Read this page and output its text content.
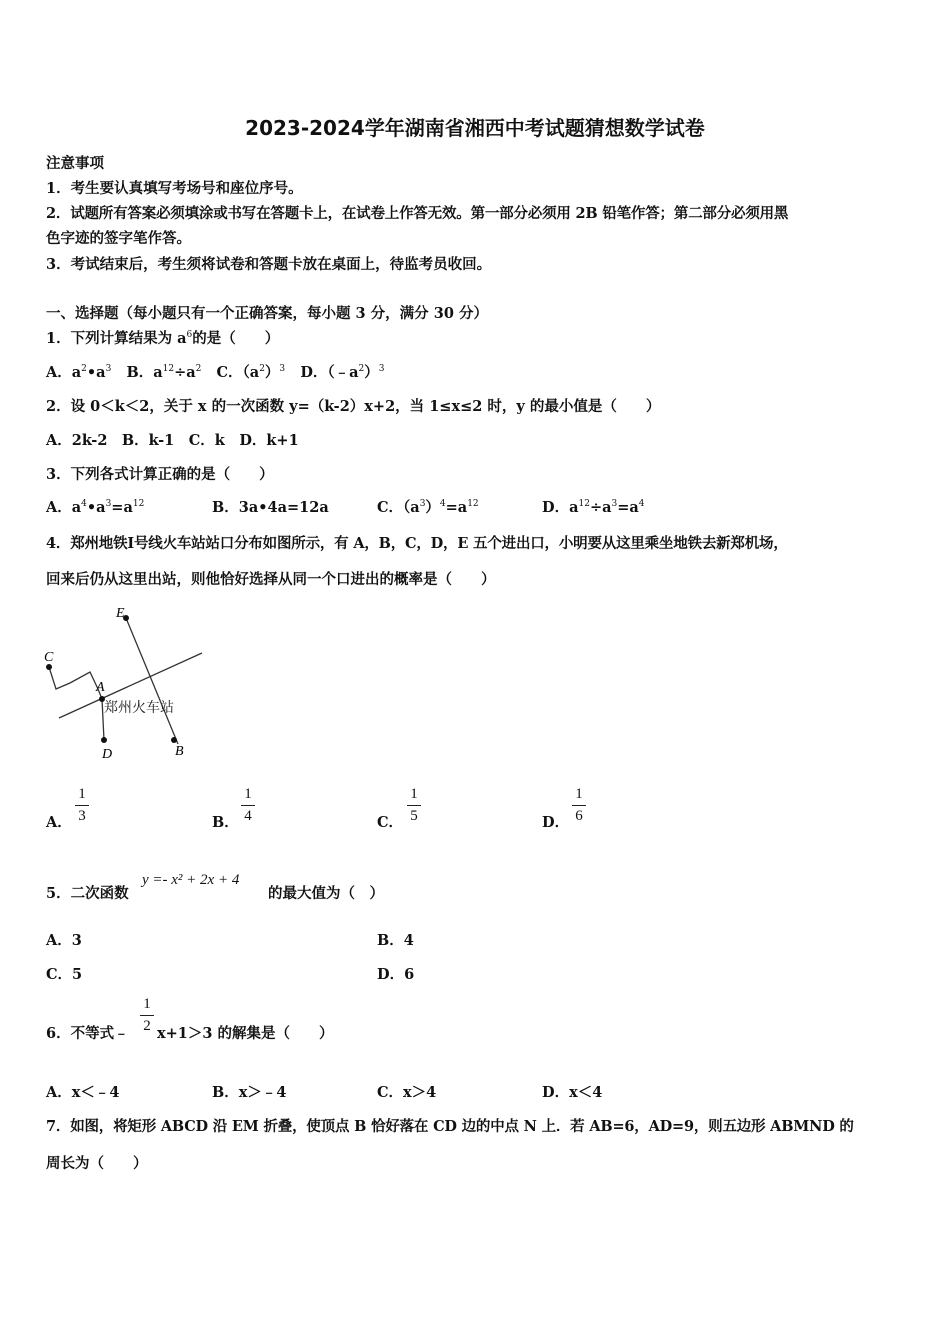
2023-2024学年湖南省湘西中考试题猜想数学试卷
注意事项
1．考生要认真填写考场号和座位序号。
2．试题所有答案必须填涂或书写在答题卡上，在试卷上作答无效。第一部分必须用 2B 铅笔作答；第二部分必须用黑
色字迹的签字笔作答。
3．考试结束后，考生须将试卷和答题卡放在桌面上，待监考员收回。
一、选择题（每小题只有一个正确答案，每小题 3 分，满分 30 分）
1．下列计算结果为 $a^6$的是（　　）
A．$a^2•a^3$ B．$a^{12}\div a^2$ C．$(a^2)^3$ D．$(﹣a^2)^3$
2．设 0＜k＜2，关于 x 的一次函数 y=（k-2）x+2，当 1≤x≤2 时，y 的最小值是（　　）
A．2k-2　B．k-1　C．k　D．k+1
3．下列各式计算正确的是（　　）
A．$a^4•a^3=a^{12}$	B．3a•4a=12a	C．$(a^3)^4=a^{12}$	D．$a^{12}\div a^3=a^4$
4．郑州地铁Ⅰ号线火车站站口分布如图所示，有 A，B，C，D，E 五个进出口，小明要从这里乘坐地铁去新郑机场，
回来后仍从这里出站，则他恰好选择从同一个口进出的概率是（　　）
E
C
A
D	B
郑州火车站
A．
1
3	B．
1
4	C．
1
5	D．
1
6
5．二次函数
y =- x² + 2x + 4
的最大值为（　）
A．3	B．4
C．5	D．6
6．不等式﹣
1
2 x+1＞3 的解集是（　　）
A．x＜﹣4	B．x＞﹣4	C．x＞4	D．x＜4
7．如图，将矩形 ABCD 沿 EM 折叠，使顶点 B 恰好落在 CD 边的中点 N 上．若 AB=6，AD=9，则五边形 ABMND 的
周长为（　　）
